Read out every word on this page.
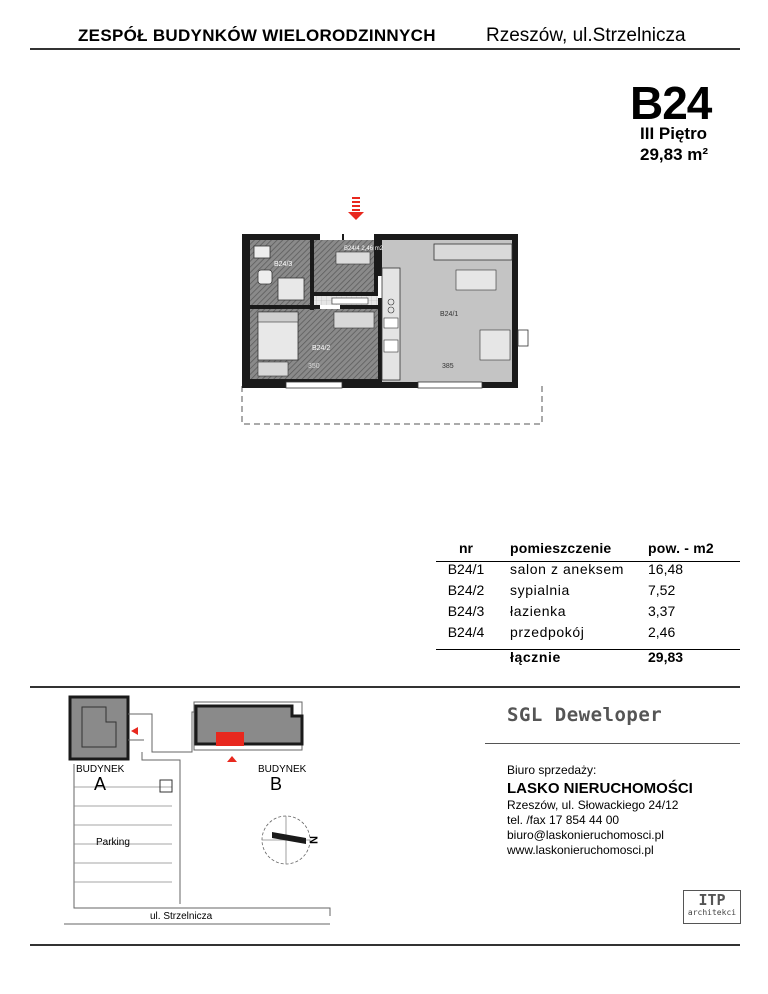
ZESPÓŁ BUDYNKÓW WIELORODZINNYCH	Rzeszów, ul.Strzelnicza
B24
III Piętro
29,83 m²
B24/3
B24/4 2,46 m2
B24/2
B24/1
350	385
nr	pomieszczenie	pow. - m2
B24/1	salon z aneksem 16,48
B24/2	sypialnia	7,52
B24/3	łazienka	3,37
B24/4	przedpokój	2,46
łącznie	29,83
N
BUDYNEK
A
BUDYNEK
B
Parking
ul. Strzelnicza
SGL Deweloper
Biuro sprzedaży:
LASKO NIERUCHOMOŚCI
Rzeszów, ul. Słowackiego 24/12
tel. /fax 17 854 44 00
biuro@laskonieruchomosci.pl
www.laskonieruchomosci.pl
ITP
architekci
